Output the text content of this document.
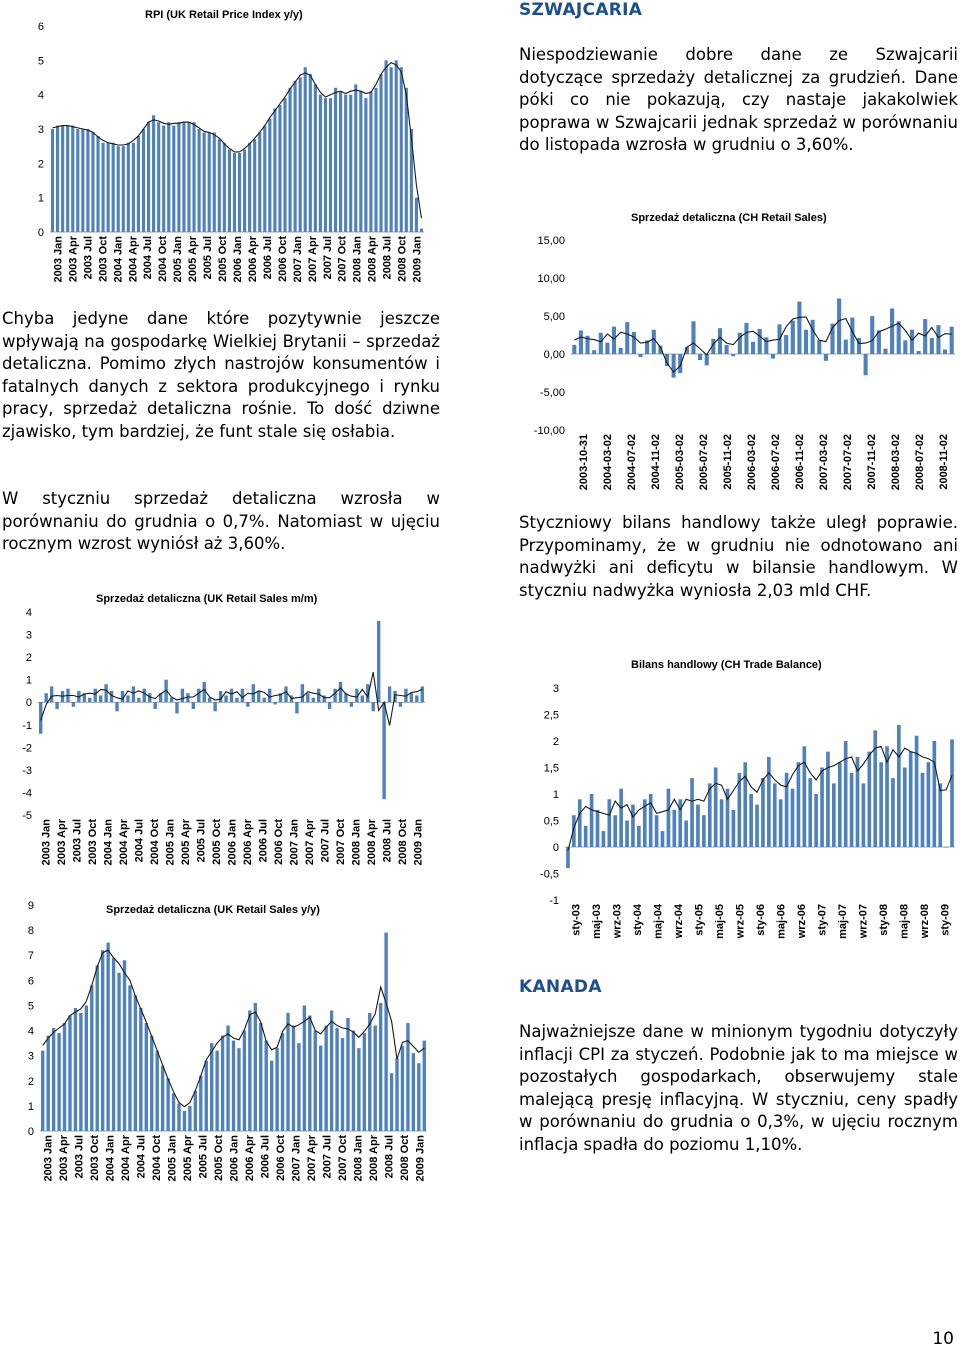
SZWAJCARIA

Niespodziewanie dobre dane ze Szwajcarii dotyczące sprzedaży detalicznej za grudzień. Dane póki co nie pokazują, czy nastaje jakakolwiek poprawa w Szwajcarii jednak sprzedaż w porównaniu do listopada wzrosła w grudniu o 3,60%.

RPI (UK Retail Price Index y/y)
0
1
2
3
4
5
6
2003 Jan 2003 Apr 2003 Jul 2003 Oct 2004 Jan 2004 Apr 2004 Jul 2004 Oct 2005 Jan 2005 Apr 2005 Jul 2005 Oct 2006 Jan 2006 Apr 2006 Jul 2006 Oct 2007 Jan 2007 Apr 2007 Jul 2007 Oct 2008 Jan 2008 Apr 2008 Jul 2008 Oct 2009 Jan

Chyba jedyne dane które pozytywnie jeszcze wpływają na gospodarkę Wielkiej Brytanii – sprzedaż detaliczna. Pomimo złych nastrojów konsumentów i fatalnych danych z sektora produkcyjnego i rynku pracy, sprzedaż detaliczna rośnie. To dość dziwne zjawisko, tym bardziej, że funt stale się osłabia.

W styczniu sprzedaż detaliczna wzrosła w porównaniu do grudnia o 0,7%. Natomiast w ujęciu rocznym wzrost wyniósł aż 3,60%.

Sprzedaż detaliczna (UK Retail Sales m/m)
4
3
2
1
0
-1
-2
-3
-4
-5
2003 Jan 2003 Apr 2003 Jul 2003 Oct 2004 Jan 2004 Apr 2004 Jul 2004 Oct 2005 Jan 2005 Apr 2005 Jul 2005 Oct 2006 Jan 2006 Apr 2006 Jul 2006 Oct 2007 Jan 2007 Apr 2007 Jul 2007 Oct 2008 Jan 2008 Apr 2008 Jul 2008 Oct 2009 Jan
Sprzedaż detaliczna (UK Retail Sales y/y)
0
1
2
3
4
5
6
7
8
9
2003 Jan 2003 Apr 2003 Jul 2003 Oct 2004 Jan 2004 Apr 2004 Jul 2004 Oct 2005 Jan 2005 Apr 2005 Jul 2005 Oct 2006 Jan 2006 Apr 2006 Jul 2006 Oct 2007 Jan 2007 Apr 2007 Jul 2007 Oct 2008 Jan 2008 Apr 2008 Jul 2008 Oct 2009 Jan
Sprzedaż detaliczna (CH Retail Sales)
15,00
10,00
5,00
0,00
-5,00
-10,00
2003-10-31 2004-03-02 2004-07-02 2004-11-02 2005-03-02 2005-07-02 2005-11-02 2006-03-02 2006-07-02 2006-11-02 2007-03-02 2007-07-02 2007-11-02 2008-03-02 2008-07-02 2008-11-02

Styczniowy bilans handlowy także uległ poprawie. Przypominamy, że w grudniu nie odnotowano ani nadwyżki ani deficytu w bilansie handlowym. W styczniu nadwyżka wyniosła 2,03 mld CHF.

Bilans handlowy (CH Trade Balance)
3
2,5
2
1,5
1
0,5
0
-0,5
-1
sty-03 maj-03 wrz-03 sty-04 maj-04 wrz-04 sty-05 maj-05 wrz-05 sty-06 maj-06 wrz-06 sty-07 maj-07 wrz-07 sty-08 maj-08 wrz-08 sty-09

KANADA

Najważniejsze dane w minionym tygodniu dotyczyły inflacji CPI za styczeń. Podobnie jak to ma miejsce w pozostałych gospodarkach, obserwujemy stale malejącą presję inflacyjną. W styczniu, ceny spadły w porównaniu do grudnia o 0,3%, w ujęciu rocznym inflacja spadła do poziomu 1,10%.

10
